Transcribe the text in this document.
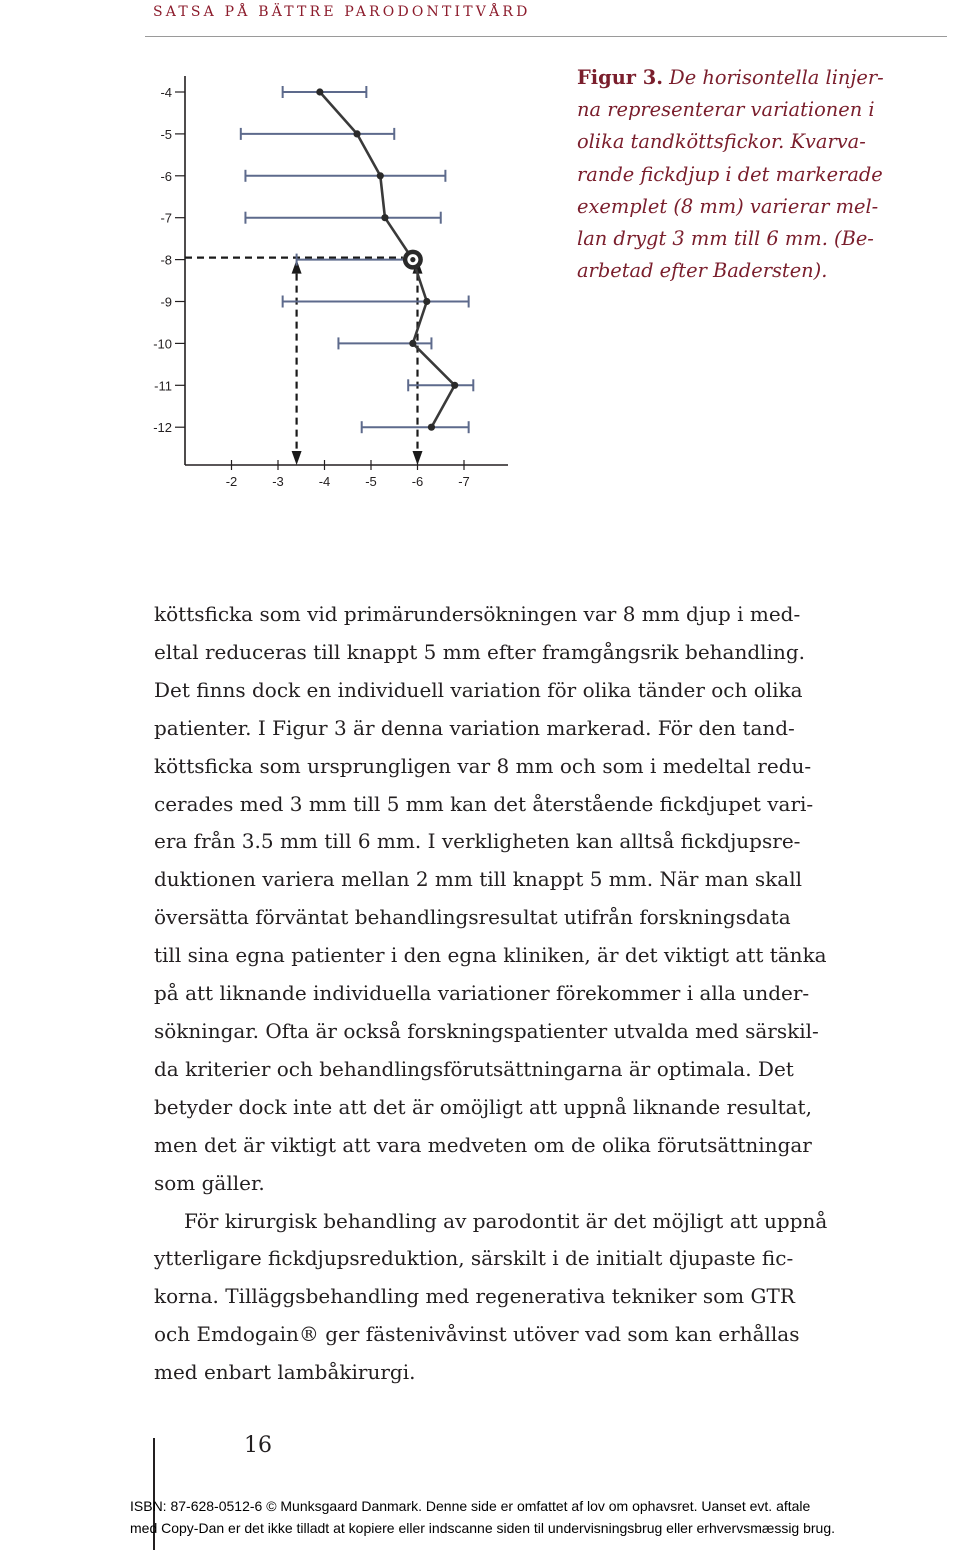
SATSA PÅ BÄTTRE PARODONTITVÅRD
-4
-5
-6
-7
-8
-9
-10
-11
-12
-2	-3	-4	-5	-6	-7
Figur 3. De horisontella linjer-
na representerar variationen i
olika tandköttsfickor. Kvarva-
rande fickdjup i det markerade
exemplet (8 mm) varierar mel-
lan drygt 3 mm till 6 mm. (Be-
arbetad efter Badersten).
köttsficka som vid primärundersökningen var 8 mm djup i med-
eltal reduceras till knappt 5 mm efter framgångsrik behandling.
Det finns dock en individuell variation för olika tänder och olika
patienter. I Figur 3 är denna variation markerad. För den tand-
köttsficka som ursprungligen var 8 mm och som i medeltal redu-
cerades med 3 mm till 5 mm kan det återstående fickdjupet vari-
era från 3.5 mm till 6 mm. I verkligheten kan alltså fickdjupsre-
duktionen variera mellan 2 mm till knappt 5 mm. När man skall
översätta förväntat behandlingsresultat utifrån forskningsdata
till sina egna patienter i den egna kliniken, är det viktigt att tänka
på att liknande individuella variationer förekommer i alla under-
sökningar. Ofta är också forskningspatienter utvalda med särskil-
da kriterier och behandlingsförutsättningarna är optimala. Det
betyder dock inte att det är omöjligt att uppnå liknande resultat,
men det är viktigt att vara medveten om de olika förutsättningar
som gäller.
För kirurgisk behandling av parodontit är det möjligt att uppnå
ytterligare fickdjupsreduktion, särskilt i de initialt djupaste fic-
korna. Tilläggsbehandling med regenerativa tekniker som GTR
och Emdogain® ger fästenivåvinst utöver vad som kan erhållas
med enbart lambåkirurgi.
16
ISBN: 87-628-0512-6 © Munksgaard Danmark. Denne side er omfattet af lov om ophavsret. Uanset evt. aftale
med Copy-Dan er det ikke tilladt at kopiere eller indscanne siden til undervisningsbrug eller erhvervsmæssig brug.
